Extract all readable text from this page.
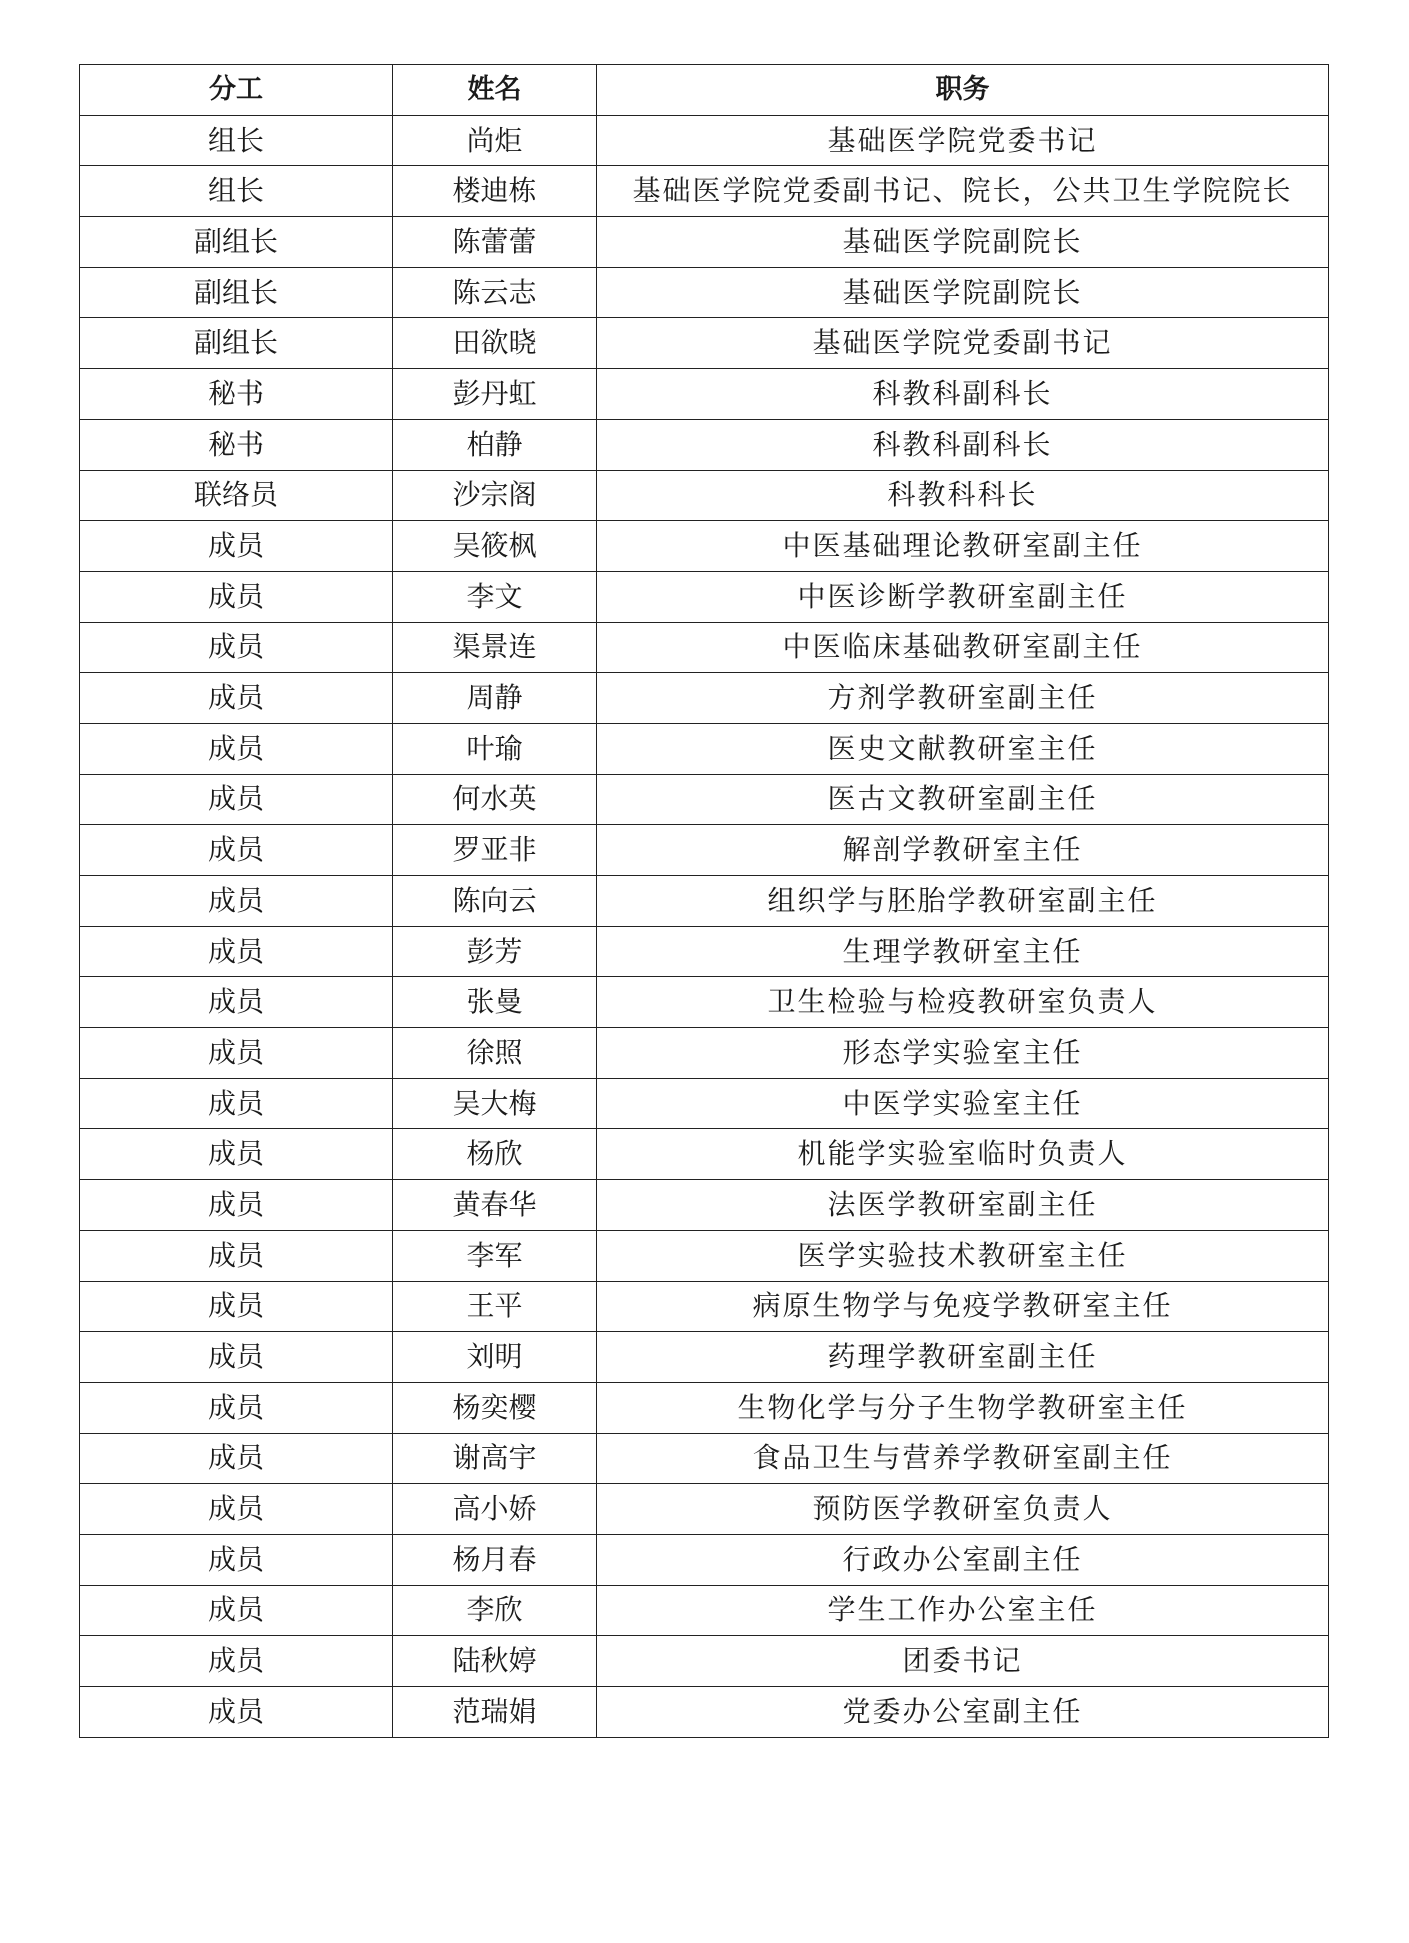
分工	姓名	职务
组长	尚炬	基础医学院党委书记
组长	楼迪栋	基础医学院党委副书记、院长，公共卫生学院院长
副组长	陈蕾蕾	基础医学院副院长
副组长	陈云志	基础医学院副院长
副组长	田欲晓	基础医学院党委副书记
秘书	彭丹虹	科教科副科长
秘书	柏静	科教科副科长
联络员	沙宗阁	科教科科长
成员	吴筱枫	中医基础理论教研室副主任
成员	李文	中医诊断学教研室副主任
成员	渠景连	中医临床基础教研室副主任
成员	周静	方剂学教研室副主任
成员	叶瑜	医史文献教研室主任
成员	何水英	医古文教研室副主任
成员	罗亚非	解剖学教研室主任
成员	陈向云	组织学与胚胎学教研室副主任
成员	彭芳	生理学教研室主任
成员	张曼	卫生检验与检疫教研室负责人
成员	徐照	形态学实验室主任
成员	吴大梅	中医学实验室主任
成员	杨欣	机能学实验室临时负责人
成员	黄春华	法医学教研室副主任
成员	李军	医学实验技术教研室主任
成员	王平	病原生物学与免疫学教研室主任
成员	刘明	药理学教研室副主任
成员	杨奕樱	生物化学与分子生物学教研室主任
成员	谢高宇	食品卫生与营养学教研室副主任
成员	高小娇	预防医学教研室负责人
成员	杨月春	行政办公室副主任
成员	李欣	学生工作办公室主任
成员	陆秋婷	团委书记
成员	范瑞娟	党委办公室副主任
